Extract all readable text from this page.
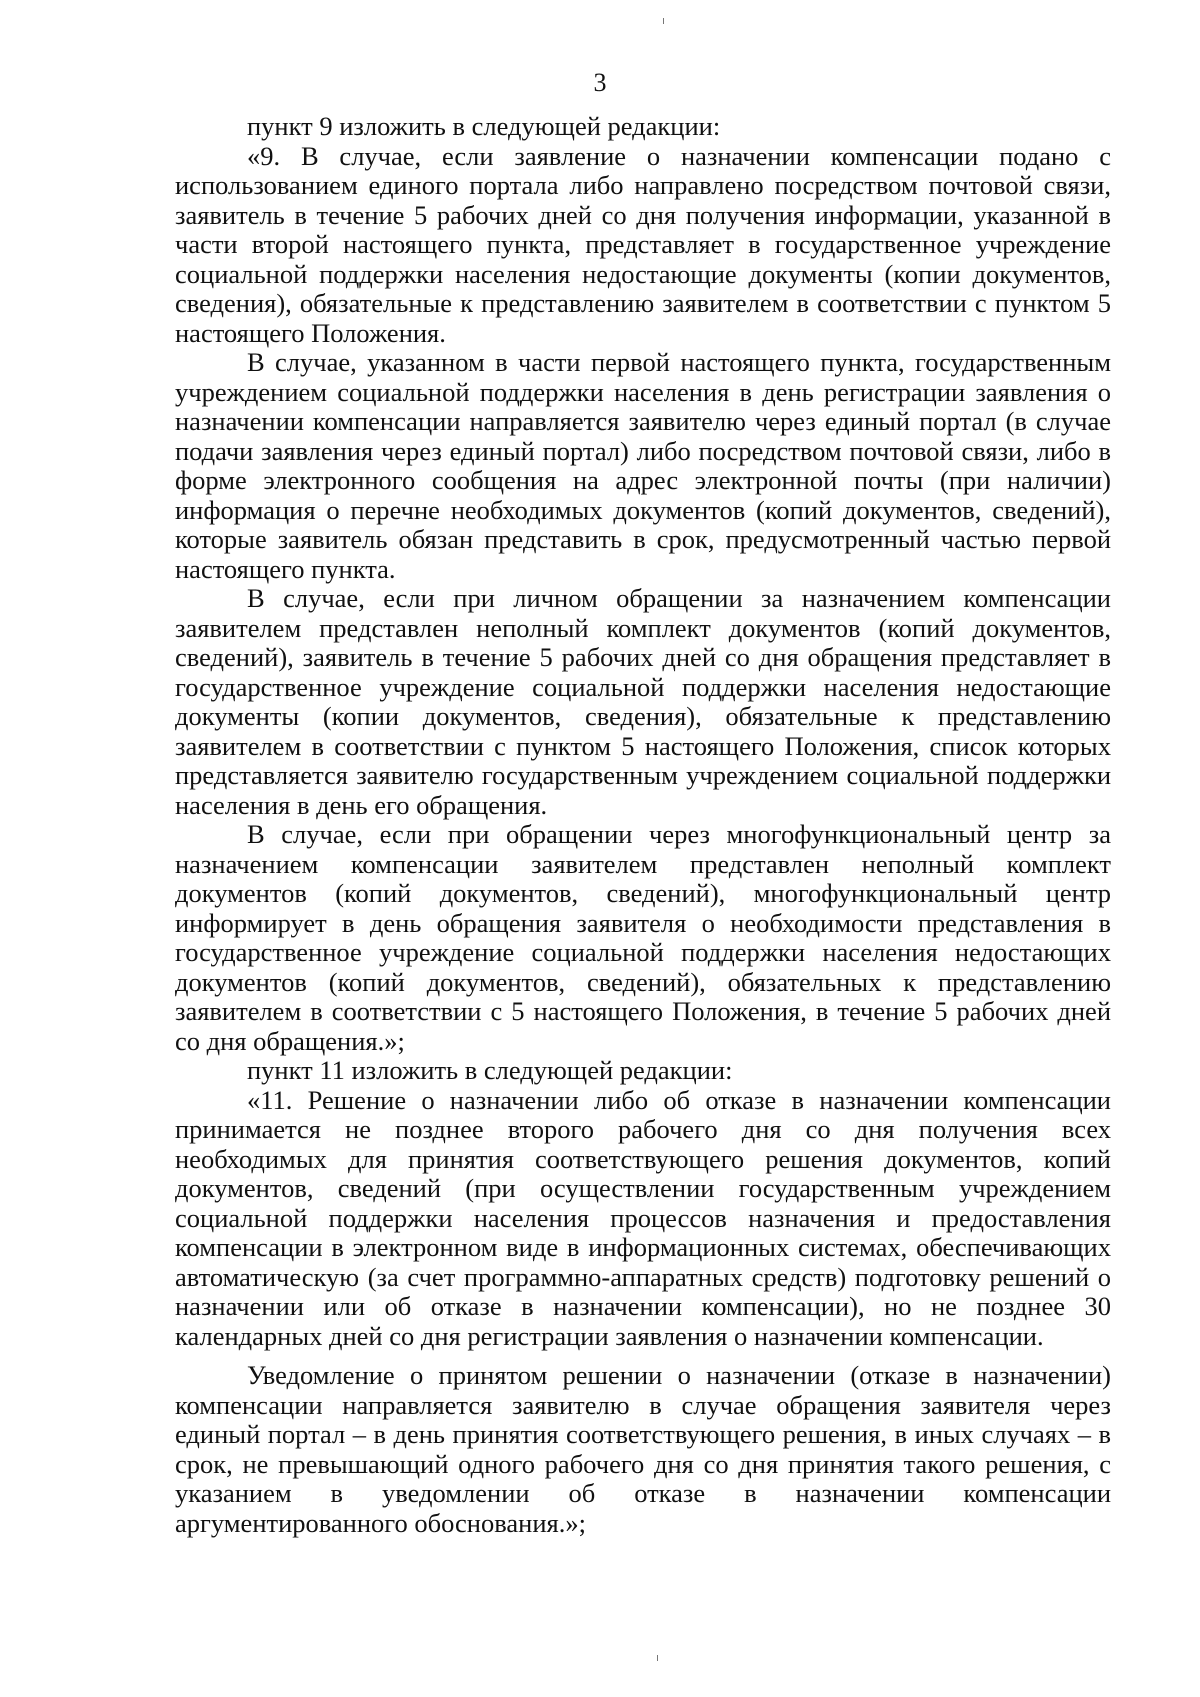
3

пункт 9 изложить в следующей редакции:

«9. В случае, если заявление о назначении компенсации подано с использованием единого портала либо направлено посредством почтовой связи, заявитель в течение 5 рабочих дней со дня получения информации, указанной в части второй настоящего пункта, представляет в государственное учреждение социальной поддержки населения недостающие документы (копии документов, сведения), обязательные к представлению заявителем в соответствии с пунктом 5 настоящего Положения.

В случае, указанном в части первой настоящего пункта, государственным учреждением социальной поддержки населения в день регистрации заявления о назначении компенсации направляется заявителю через единый портал (в случае подачи заявления через единый портал) либо посредством почтовой связи, либо в форме электронного сообщения на адрес электронной почты (при наличии) информация о перечне необходимых документов (копий документов, сведений), которые заявитель обязан представить в срок, предусмотренный частью первой настоящего пункта.

В случае, если при личном обращении за назначением компенсации заявителем представлен неполный комплект документов (копий документов, сведений), заявитель в течение 5 рабочих дней со дня обращения представляет в государственное учреждение социальной поддержки населения недостающие документы (копии документов, сведения), обязательные к представлению заявителем в соответствии с пунктом 5 настоящего Положения, список которых представляется заявителю государственным учреждением социальной поддержки населения в день его обращения.

В случае, если при обращении через многофункциональный центр за назначением компенсации заявителем представлен неполный комплект документов (копий документов, сведений), многофункциональный центр информирует в день обращения заявителя о необходимости представления в государственное учреждение социальной поддержки населения недостающих документов (копий документов, сведений), обязательных к представлению заявителем в соответствии с 5 настоящего Положения, в течение 5 рабочих дней со дня обращения.»;

пункт 11 изложить в следующей редакции:

«11. Решение о назначении либо об отказе в назначении компенсации принимается не позднее второго рабочего дня со дня получения всех необходимых для принятия соответствующего решения документов, копий документов, сведений (при осуществлении государственным учреждением социальной поддержки населения процессов назначения и предоставления компенсации в электронном виде в информационных системах, обеспечивающих автоматическую (за счет программно-аппаратных средств) подготовку решений о назначении или об отказе в назначении компенсации), но не позднее 30 календарных дней со дня регистрации заявления о назначении компенсации.

Уведомление о принятом решении о назначении (отказе в назначении) компенсации направляется заявителю в случае обращения заявителя через единый портал – в день принятия соответствующего решения, в иных случаях – в срок, не превышающий одного рабочего дня со дня принятия такого решения, с указанием в уведомлении об отказе в назначении компенсации аргументированного обоснования.»;
